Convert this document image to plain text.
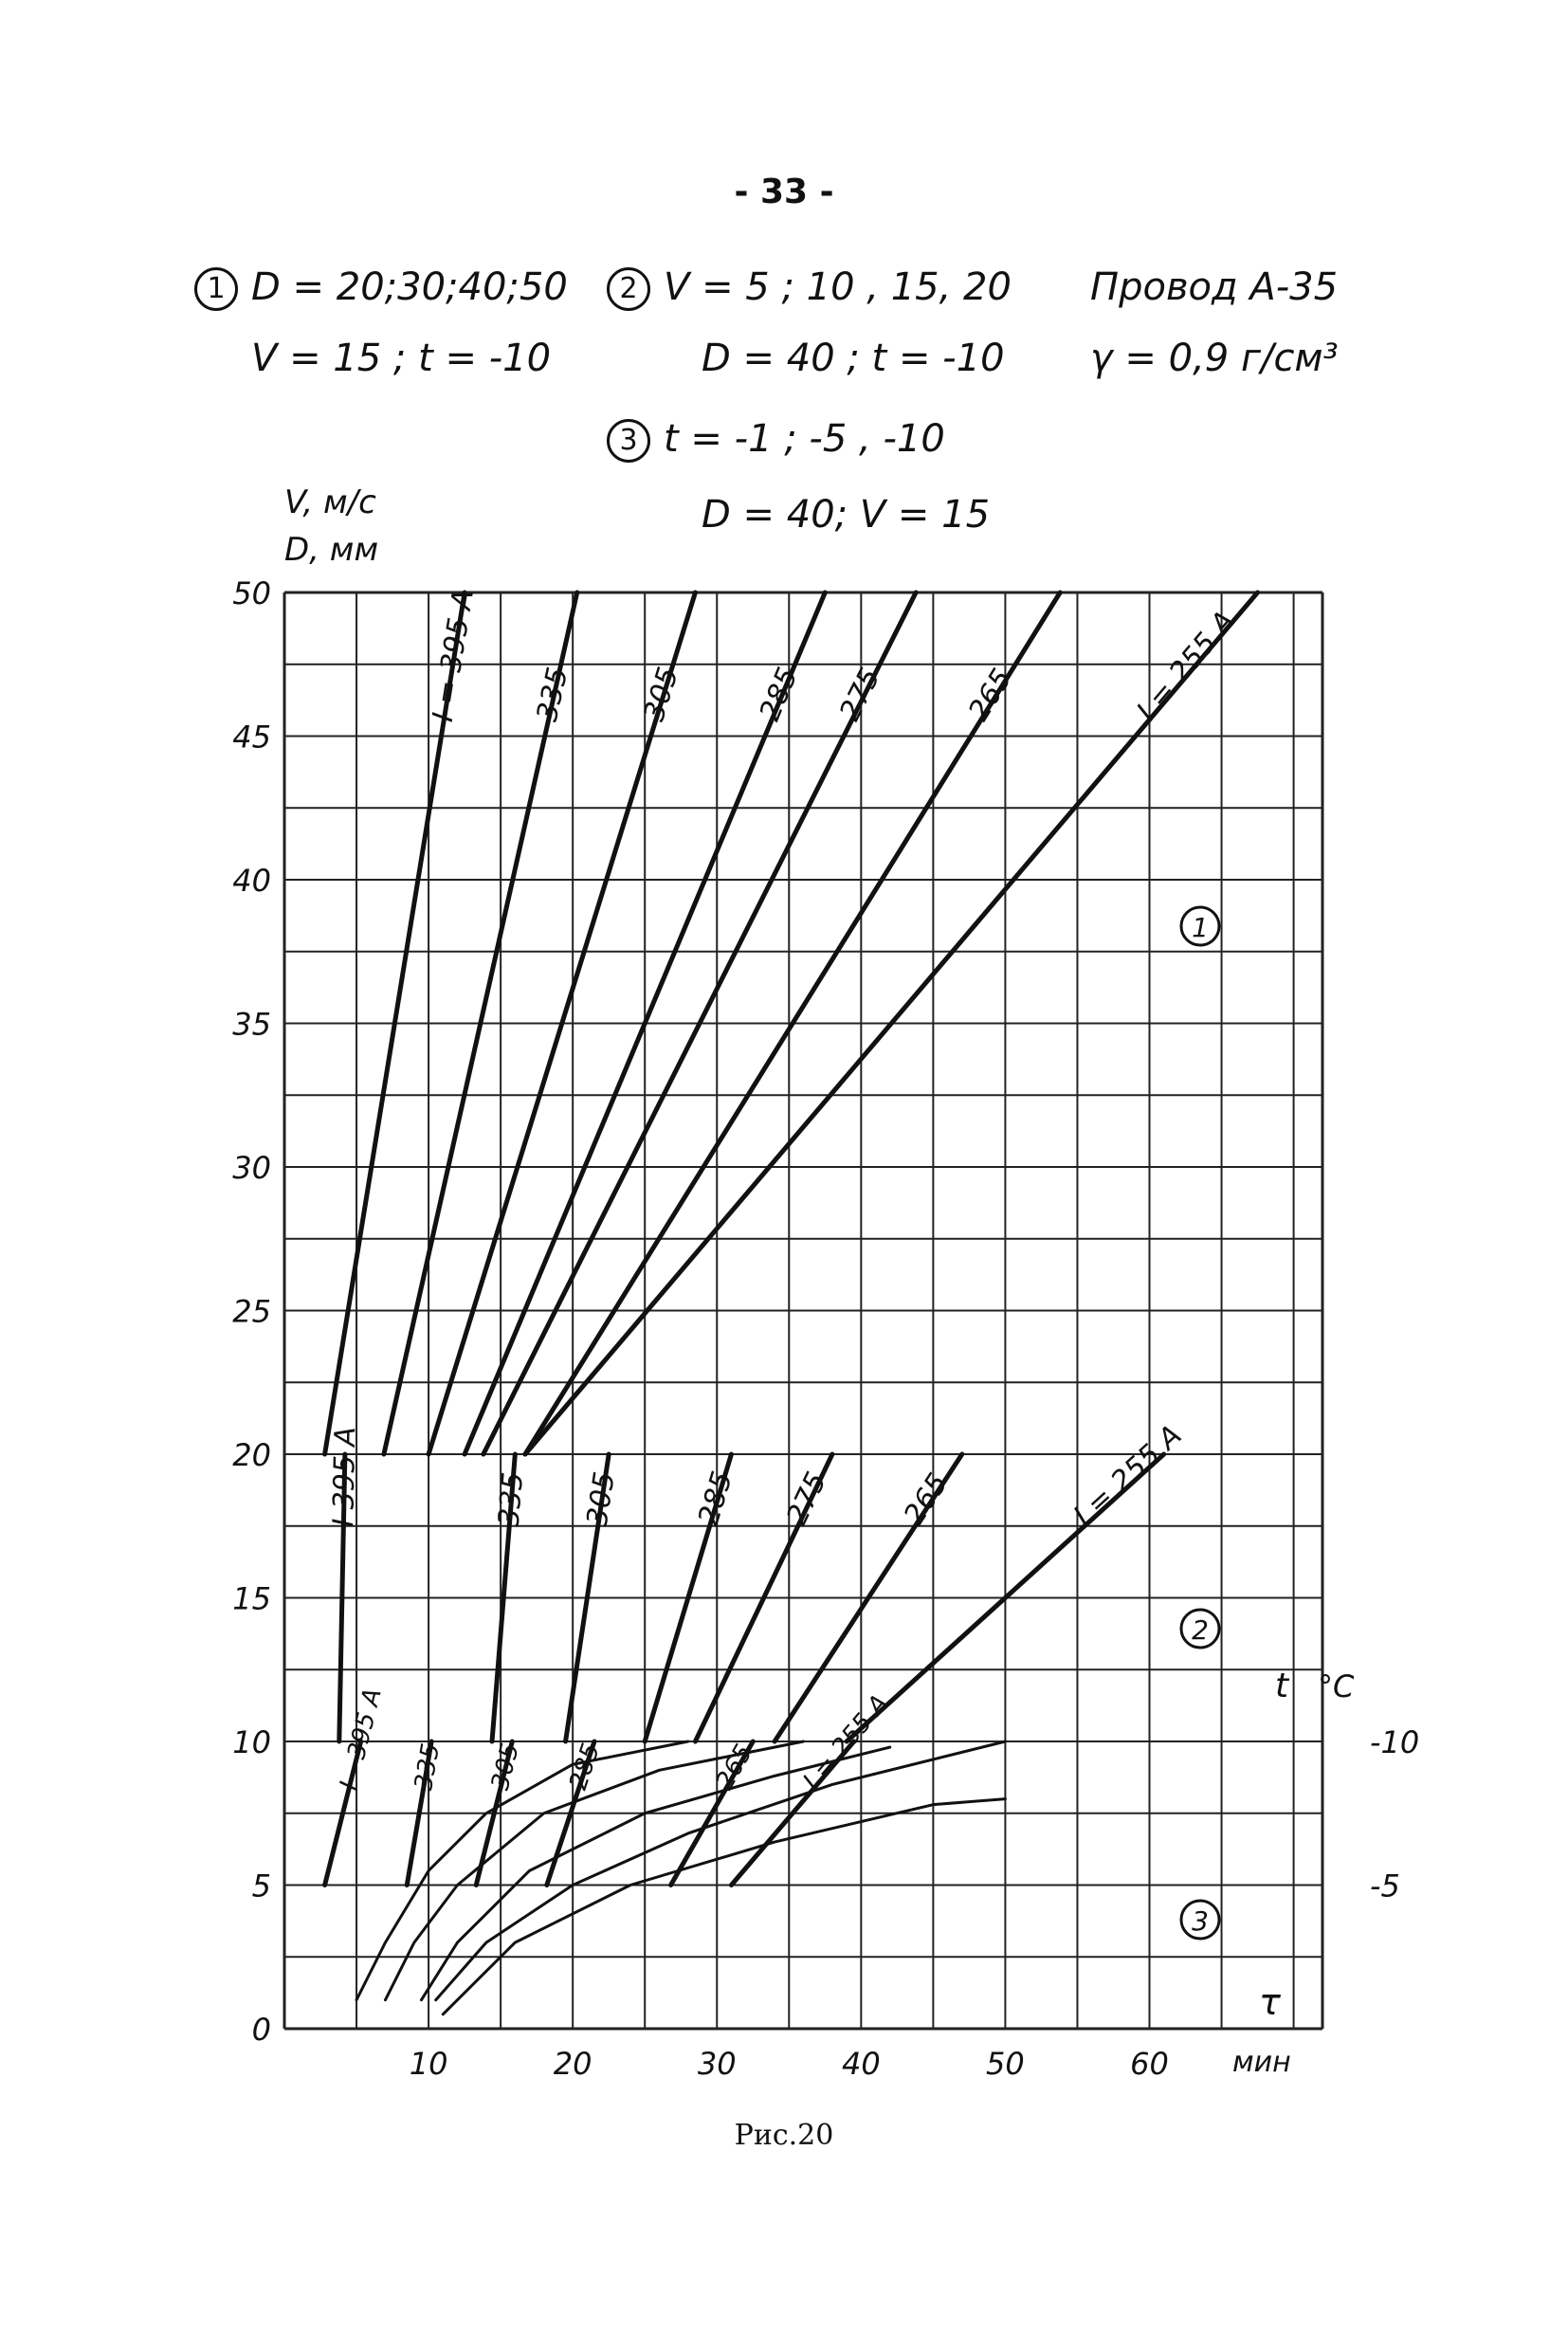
- 33 -
1 D = 20;30;40;50
V = 15 ; t = -10
2 V = 5 ; 10 , 15, 20
D = 40 ; t = -10
3 t = -1 ; -5 , -10
D = 40; V = 15
Провод А-35
γ = 0,9 г/см³
V, м/с
D, мм
0
5
10
15
20
25
30
35
40
45
50
10	20	30	40	50	60
-10
-5
I = 395 A 335 305 285 275	265	I = 255 A
I 395 A	335 305 285 275 265	I = 255 A
I - 395 A 335 305 285	265 I = 255 A
1
2
3
t °C
τ
мин
Рис.20
